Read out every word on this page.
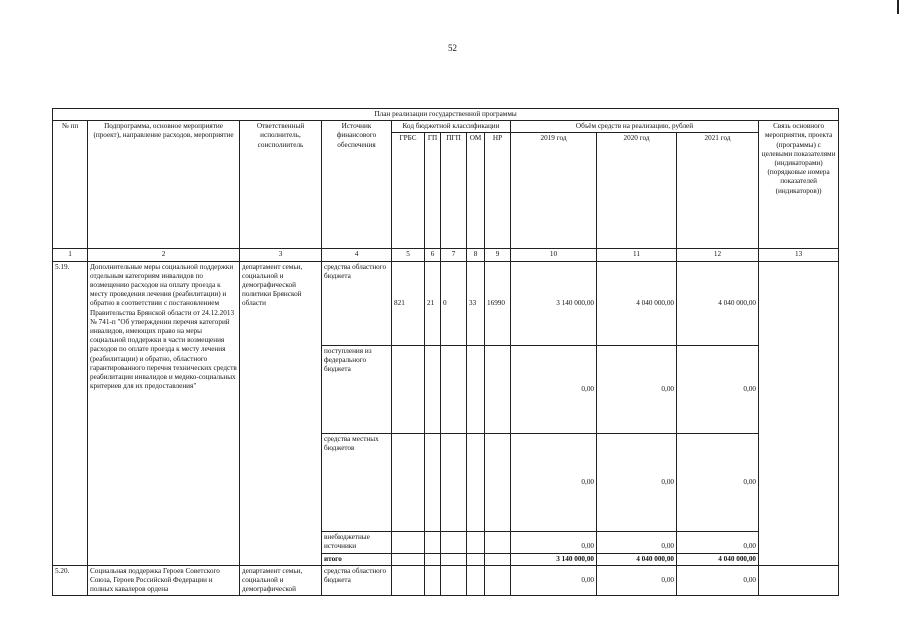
52
План реализации государственной программы												
№ пп	Подпрограмма, основное мероприятие (проект), направление расходов, мероприятие	Ответственный исполнитель, соисполнитель	Источник финансового обеспечения	Код бюджетной классификации					Объём средств на реализацию, рублей			Связь основного мероприятия, проекта (программы) с целевыми показателями (индикаторами) (порядковые номера показателей (индикаторов))
				ГРБС	ГП	ПГП	ОМ	НР	2019 год	2020 год	2021 год	
1	2	3	4	5	6	7	8	9	10	11	12	13
5.19.	Дополнительные меры социальной поддержки отдельным категориям инвалидов по возмещению расходов на оплату проезда к месту проведения лечения (реабилитации) и обратно в соответствии с постановлением Правительства Брянской области от 24.12.2013 № 741-п "Об утверждении перечня категорий инвалидов, имеющих право на меры социальной поддержки в части возмещения расходов по оплате проезда к месту лечения (реабилитации) и обратно, областного гарантированного перечня технических средств реабилитации инвалидов и медико-социальных критериев для их предоставления"	департамент семьи, социальной и демографической политики Брянской области	средства областного бюджета	821	21	0	33	16990	3 140 000,00	4 040 000,00	4 040 000,00	
			поступления из федерального бюджета						0,00	0,00	0,00	
			средства местных бюджетов						0,00	0,00	0,00	
			внебюджетные источники						0,00	0,00	0,00	
			итого						3 140 000,00	4 040 000,00	4 040 000,00	
5.20.	Социальная поддержка Героев Советского Союза, Героев Российской Федерации и полных кавалеров ордена	департамент семьи, социальной и демографической	средства областного бюджета						0,00	0,00	0,00	
